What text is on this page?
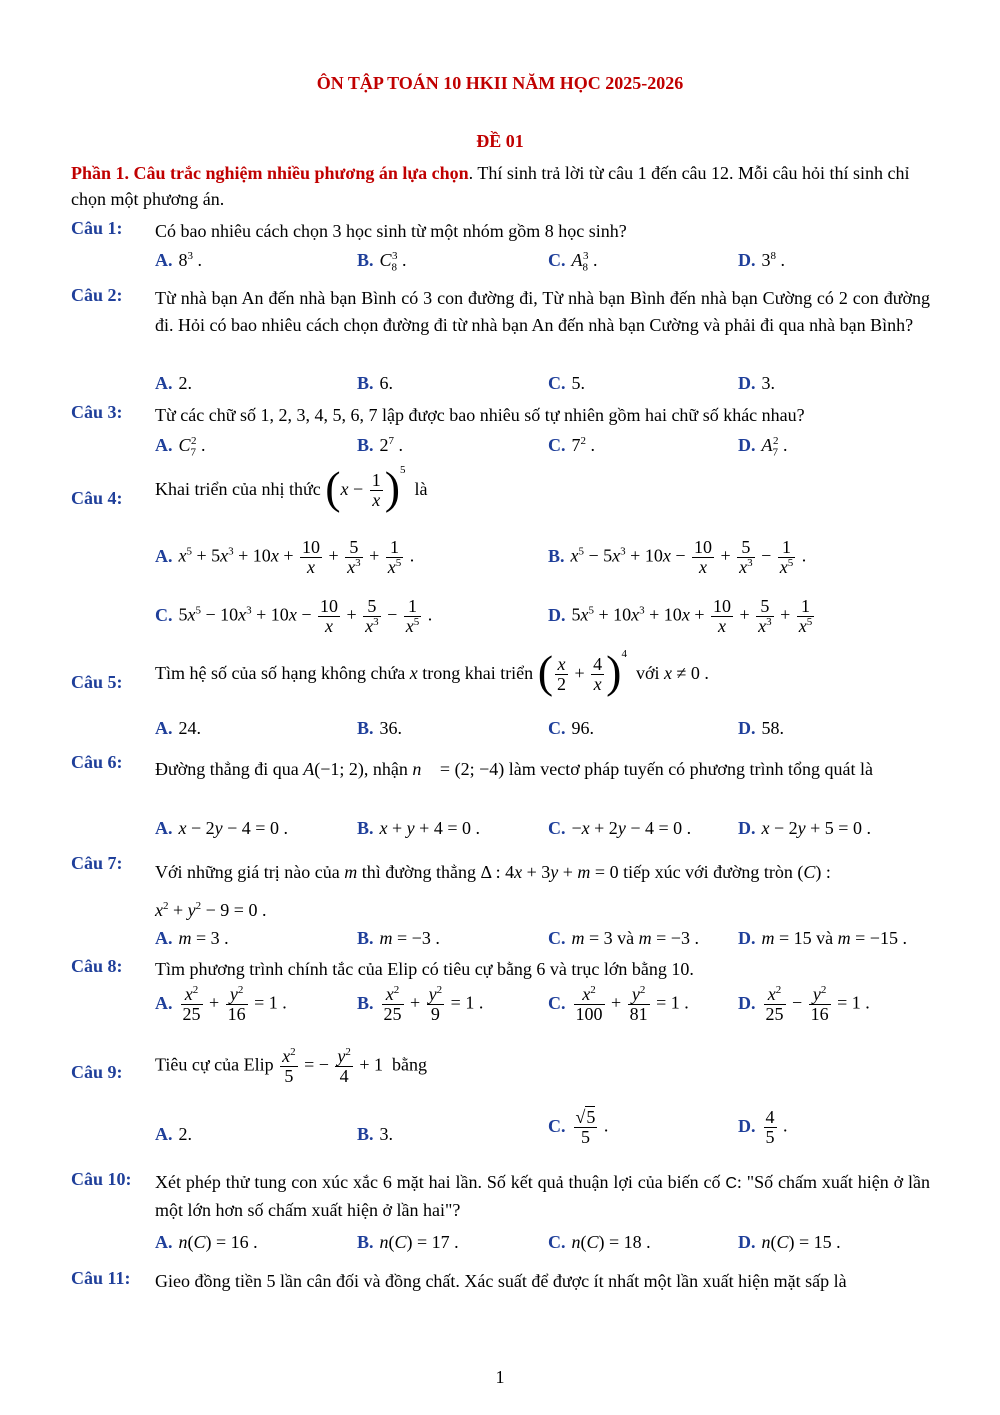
ÔN TẬP TOÁN 10 HKII NĂM HỌC 2025-2026
ĐỀ 01
Phần 1. Câu trắc nghiệm nhiều phương án lựa chọn. Thí sinh trả lời từ câu 1 đến câu 12. Mỗi câu hỏi thí sinh chỉ chọn một phương án.
Câu 1: Có bao nhiêu cách chọn 3 học sinh từ một nhóm gồm 8 học sinh?
A. $8^3$ .	B. $C_8^3$ .	C. $A_8^3$ .	D. $3^8$ .
Câu 2: Từ nhà bạn An đến nhà bạn Bình có 3 con đường đi, Từ nhà bạn Bình đến nhà bạn Cường có 2 con đường đi. Hỏi có bao nhiêu cách chọn đường đi từ nhà bạn An đến nhà bạn Cường và phải đi qua nhà bạn Bình?
A. 2.	B. 6.	C. 5.	D. 3.
Câu 3: Từ các chữ số 1, 2, 3, 4, 5, 6, 7 lập được bao nhiêu số tự nhiên gồm hai chữ số khác nhau?
A. $C_7^2$ .	B. $2^7$ .	C. $7^2$ .	D. $A_7^2$ .
Câu 4: Khai triển của nhị thức $(x - \frac{1}{x} )^5$  là
A. $x^5 + 5x^3 + 10x + \frac{10}{x} + \frac{5}{x^3} + \frac{1}{x^5}$ .	B. $x^5 - 5x^3 + 10x - \frac{10}{x} + \frac{5}{x^3} - \frac{1}{x^5}$ .
C. $5x^5 - 10x^3 + 10x - \frac{10}{x} + \frac{5}{x^3} - \frac{1}{x^5}$ .	D. $5x^5 + 10x^3 + 10x + \frac{10}{x} + \frac{5}{x^3} + \frac{1}{x^5}$
Câu 5: Tìm hệ số của số hạng không chứa x trong khai triển ( $\frac{x}{2} + \frac{4}{x} )^4$  với x ≠ 0 .
A. 24.	B. 36.	C. 96.	D. 58.
Câu 6: Đường thẳng đi qua A(−1; 2), nhận n⃗ = (2; −4) làm vectơ pháp tuyến có phương trình tổng quát là
A. x − 2y − 4 = 0 .	B. x + y + 4 = 0 .	C. −x + 2y − 4 = 0 .	D. x − 2y + 5 = 0 .
Câu 7: Với những giá trị nào của m thì đường thẳng Δ : 4x + 3y + m = 0 tiếp xúc với đường tròn (C) :
$x^2 + y^2 - 9 = 0$ .
A. m = 3 .	B. m = −3 .	C. m = 3 và m = −3 . D. m = 15 và m = −15 .
Câu 8: Tìm phương trình chính tắc của Elip có tiêu cự bằng 6 và trục lớn bằng 10.
A. $\frac{x^2}{25} + \frac{y^2}{16} = 1$ .	B. $\frac{x^2}{25} + \frac{y^2}{9} = 1$ .	C. $\frac{x^2}{100} + \frac{y^2}{81} = 1$ .	D. $\frac{x^2}{25} - \frac{y^2}{16} = 1$ .
Câu 9: Tiêu cự của Elip $\frac{x^2}{5}$ = − $\frac{y^2}{4} + 1$  bằng
A. 2.	B. 3.	C. $\frac{√5}{5}$ .	D. $\frac{4}{5}$ .
Câu 10: Xét phép thử tung con xúc xắc 6 mặt hai lần. Số kết quả thuận lợi của biến cố C: "Số chấm xuất hiện ở lần một lớn hơn số chấm xuất hiện ở lần hai"?
A. n(C) = 16 .	B. n(C) = 17 .	C. n(C) = 18 .	D. n(C) = 15 .
Câu 11: Gieo đồng tiền 5 lần cân đối và đồng chất. Xác suất để được ít nhất một lần xuất hiện mặt sấp là
1
